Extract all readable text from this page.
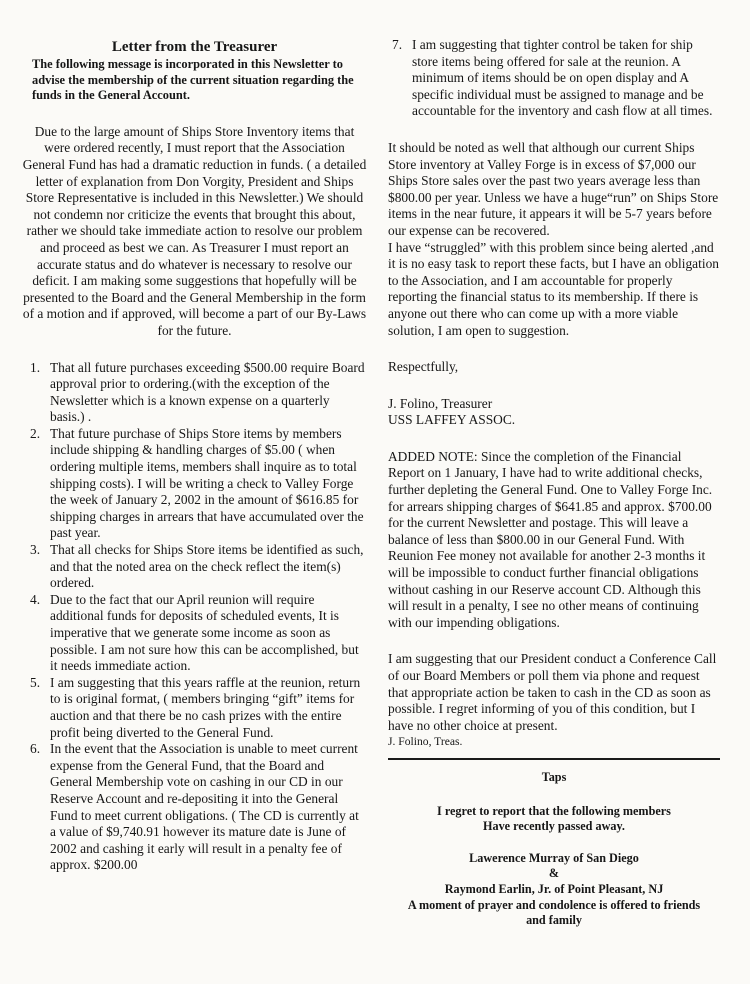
Letter from the Treasurer

The following message is incorporated in this Newsletter to advise the membership of the current situation regarding the funds in the General Account.

Due to the large amount of Ships Store Inventory items that were ordered recently, I must report that the Association General Fund has had a dramatic reduction in funds. ( a detailed letter of explanation from Don Vorgity, President and Ships Store Representative is included in this Newsletter.) We should not condemn nor criticize the events that brought this about, rather we should take immediate action to resolve our problem and proceed as best we can. As Treasurer I must report an accurate status and do whatever is necessary to resolve our deficit. I am making some suggestions that hopefully will be presented to the Board and the General Membership in the form of a motion and if approved, will become a part of our By-Laws for the future.

1. That all future purchases exceeding $500.00 require Board approval prior to ordering.(with the exception of the Newsletter which is a known expense on a quarterly basis.) .
2. That future purchase of Ships Store items by members include shipping & handling charges of $5.00 ( when ordering multiple items, members shall inquire as to total shipping costs). I will be writing a check to Valley Forge the week of January 2, 2002 in the amount of $616.85 for shipping charges in arrears that have accumulated over the past year.
3. That all checks for Ships Store items be identified as such, and that the noted area on the check reflect the item(s) ordered.
4. Due to the fact that our April reunion will require additional funds for deposits of scheduled events, It is imperative that we generate some income as soon as possible. I am not sure how this can be accomplished, but it needs immediate action.
5. I am suggesting that this years raffle at the reunion, return to is original format, ( members bringing “gift” items for auction and that there be no cash prizes with the entire profit being diverted to the General Fund.
6. In the event that the Association is unable to meet current expense from the General Fund, that the Board and General Membership vote on cashing in our CD in our Reserve Account and re-depositing it into the General Fund to meet current obligations. ( The CD is currently at a value of $9,740.91 however its mature date is June of 2002 and cashing it early will result in a penalty fee of approx. $200.00
7. I am suggesting that tighter control be taken for ship store items being offered for sale at the reunion. A minimum of items should be on open display and A specific individual must be assigned to manage and be accountable for the inventory and cash flow at all times.

It should be noted as well that although our current Ships Store inventory at Valley Forge is in excess of $7,000 our Ships Store sales over the past two years average less than $800.00 per year. Unless we have a huge“run” on Ships Store items in the near future, it appears it will be 5-7 years before our expense can be recovered.

I have “struggled” with this problem since being alerted ,and it is no easy task to report these facts, but I have an obligation to the Association, and I am accountable for properly reporting the financial status to its membership. If there is anyone out there who can come up with a more viable solution, I am open to suggestion.

Respectfully,

J. Folino, Treasurer

USS LAFFEY ASSOC.

ADDED NOTE: Since the completion of the Financial Report on 1 January, I have had to write additional checks, further depleting the General Fund. One to Valley Forge Inc. for arrears shipping charges of $641.85 and approx. $700.00 for the current Newsletter and postage. This will leave a balance of less than $800.00 in our General Fund. With Reunion Fee money not available for another 2-3 months it will be impossible to conduct further financial obligations without cashing in our Reserve account CD. Although this will result in a penalty, I see no other means of continuing with our impending obligations.

I am suggesting that our President conduct a Conference Call of our Board Members or poll them via phone and request that appropriate action be taken to cash in the CD as soon as possible. I regret informing of you of this condition, but I have no other choice at present.

J. Folino, Treas.

Taps

I regret to report that the following members

Have recently passed away.

Lawerence Murray of San Diego

&

Raymond Earlin, Jr. of Point Pleasant, NJ

A moment of prayer and condolence is offered to friends

and family
